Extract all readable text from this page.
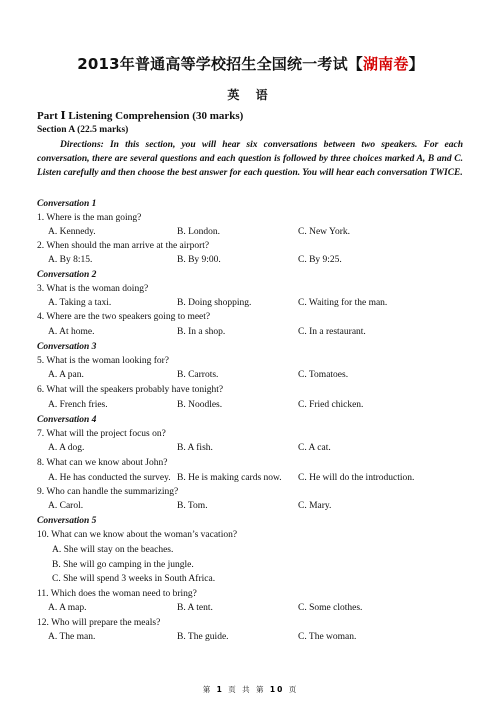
2013年普通高等学校招生全国统一考试【湖南卷】
英 语
Part Ⅰ Listening Comprehension (30 marks)
Section A (22.5 marks)
Directions: In this section, you will hear six conversations between two speakers. For each conversation, there are several questions and each question is followed by three choices marked A, B and C. Listen carefully and then choose the best answer for each question. You will hear each conversation TWICE.
Conversation 1
1. Where is the man going?
A. Kennedy.	B. London.	C. New York.
2. When should the man arrive at the airport?
A. By 8:15.	B. By 9:00.	C. By 9:25.
Conversation 2
3. What is the woman doing?
A. Taking a taxi.	B. Doing shopping.	C. Waiting for the man.
4. Where are the two speakers going to meet?
A. At home.	B. In a shop.	C. In a restaurant.
Conversation 3
5. What is the woman looking for?
A. A pan.	B. Carrots.	C. Tomatoes.
6. What will the speakers probably have tonight?
A. French fries.	B. Noodles.	C. Fried chicken.
Conversation 4
7. What will the project focus on?
A. A dog.	B. A fish.	C. A cat.
8. What can we know about John?
A. He has conducted the survey. B. He is making cards now. C. He will do the introduction.
9. Who can handle the summarizing?
A. Carol.	B. Tom.	C. Mary.
Conversation 5
10. What can we know about the woman’s vacation?
A. She will stay on the beaches.
B. She will go camping in the jungle.
C. She will spend 3 weeks in South Africa.
11. Which does the woman need to bring?
A. A map.	B. A tent.	C. Some clothes.
12. Who will prepare the meals?
A. The man.	B. The guide.	C. The woman.
第 1 页 共 第 10 页
